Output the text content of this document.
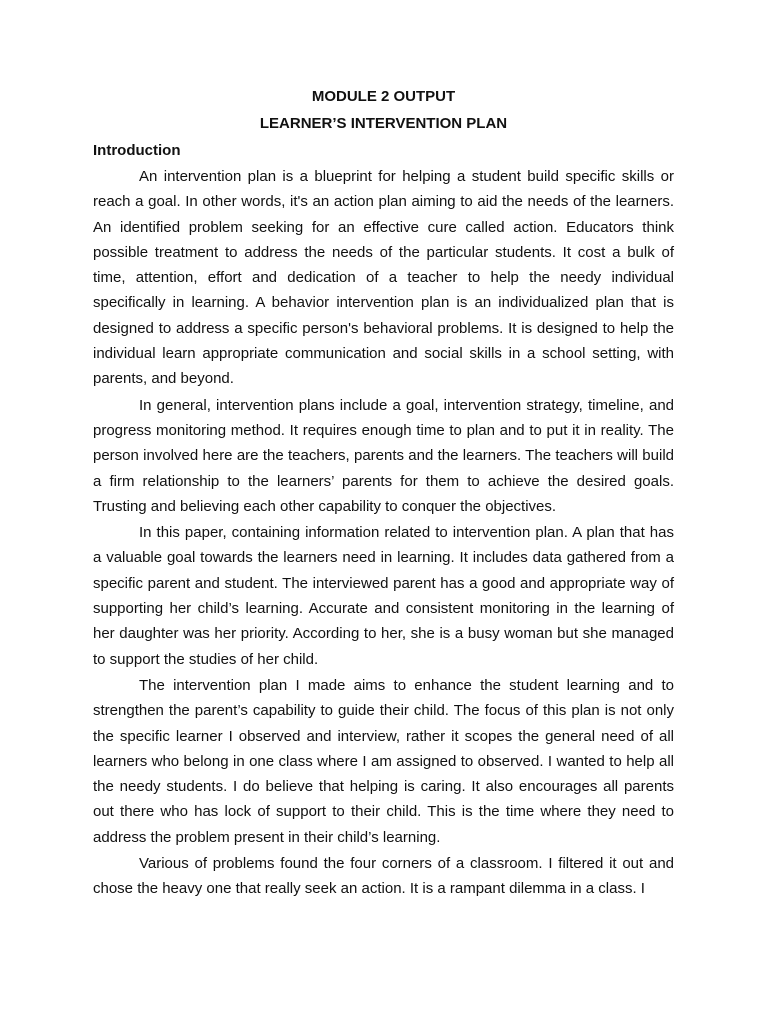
MODULE 2 OUTPUT

LEARNER’S INTERVENTION PLAN

Introduction

An intervention plan is a blueprint for helping a student build specific skills or reach a goal. In other words, it's an action plan aiming to aid the needs of the learners. An identified problem seeking for an effective cure called action. Educators think possible treatment to address the needs of the particular students. It cost a bulk of time, attention, effort and dedication of a teacher to help the needy individual specifically in learning. A behavior intervention plan is an individualized plan that is designed to address a specific person's behavioral problems. It is designed to help the individual learn appropriate communication and social skills in a school setting, with parents, and beyond.

In general, intervention plans include a goal, intervention strategy, timeline, and progress monitoring method. It requires enough time to plan and to put it in reality. The person involved here are the teachers, parents and the learners. The teachers will build a firm relationship to the learners’ parents for them to achieve the desired goals. Trusting and believing each other capability to conquer the objectives.

In this paper, containing information related to intervention plan. A plan that has a valuable goal towards the learners need in learning. It includes data gathered from a specific parent and student. The interviewed parent has a good and appropriate way of supporting her child’s learning. Accurate and consistent monitoring in the learning of her daughter was her priority. According to her, she is a busy woman but she managed to support the studies of her child.

The intervention plan I made aims to enhance the student learning and to strengthen the parent’s capability to guide their child. The focus of this plan is not only the specific learner I observed and interview, rather it scopes the general need of all learners who belong in one class where I am assigned to observed. I wanted to help all the needy students. I do believe that helping is caring. It also encourages all parents out there who has lock of support to their child. This is the time where they need to address the problem present in their child’s learning.

Various of problems found the four corners of a classroom. I filtered it out and chose the heavy one that really seek an action. It is a rampant dilemma in a class. I
